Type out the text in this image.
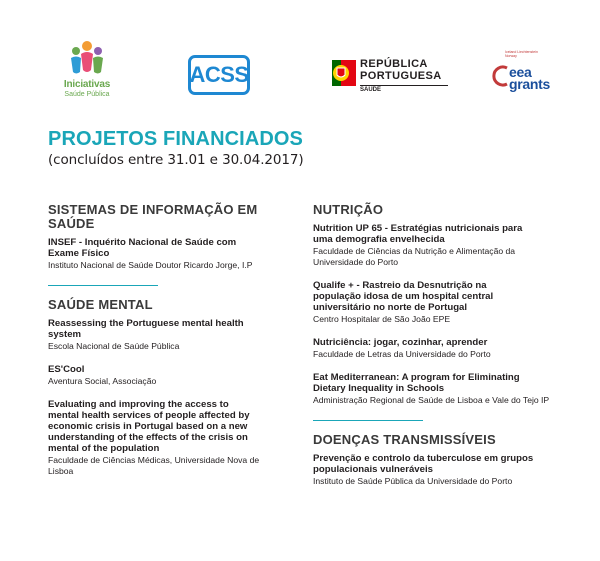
Iniciativas
Saúde Pública
ACSS	REPÚBLICA
PORTUGUESA
SAÚDE
Iceland Liechtenstein Norway
eea
grants
PROJETOS FINANCIADOS
(concluídos entre 31.01 e 30.04.2017)
SISTEMAS DE INFORMAÇÃO EM
SAÚDE
INSEF - Inquérito Nacional de Saúde com
Exame Físico
Instituto Nacional de Saúde Doutor Ricardo Jorge, I.P
SAÚDE MENTAL
Reassessing the Portuguese mental health
system
Escola Nacional de Saúde Pública
ES'Cool
Aventura Social, Associação
Evaluating and improving the access to
mental health services of people affected by
economic crisis in Portugal based on a new
understanding of the effects of the crisis on
mental of the population
Faculdade de Ciências Médicas, Universidade Nova de
Lisboa
NUTRIÇÃO
Nutrition UP 65 - Estratégias nutricionais para
uma demografia envelhecida
Faculdade de Ciências da Nutrição e Alimentação da
Universidade do Porto
Qualife + - Rastreio da Desnutrição na
população idosa de um hospital central
universitário no norte de Portugal
Centro Hospitalar de São João EPE
Nutriciência: jogar, cozinhar, aprender
Faculdade de Letras da Universidade do Porto
Eat Mediterranean: A program for Eliminating
Dietary Inequality in Schools
Administração Regional de Saúde de Lisboa e Vale do Tejo IP
DOENÇAS TRANSMISSÍVEIS
Prevenção e controlo da tuberculose em grupos
populacionais vulneráveis
Instituto de Saúde Pública da Universidade do Porto
